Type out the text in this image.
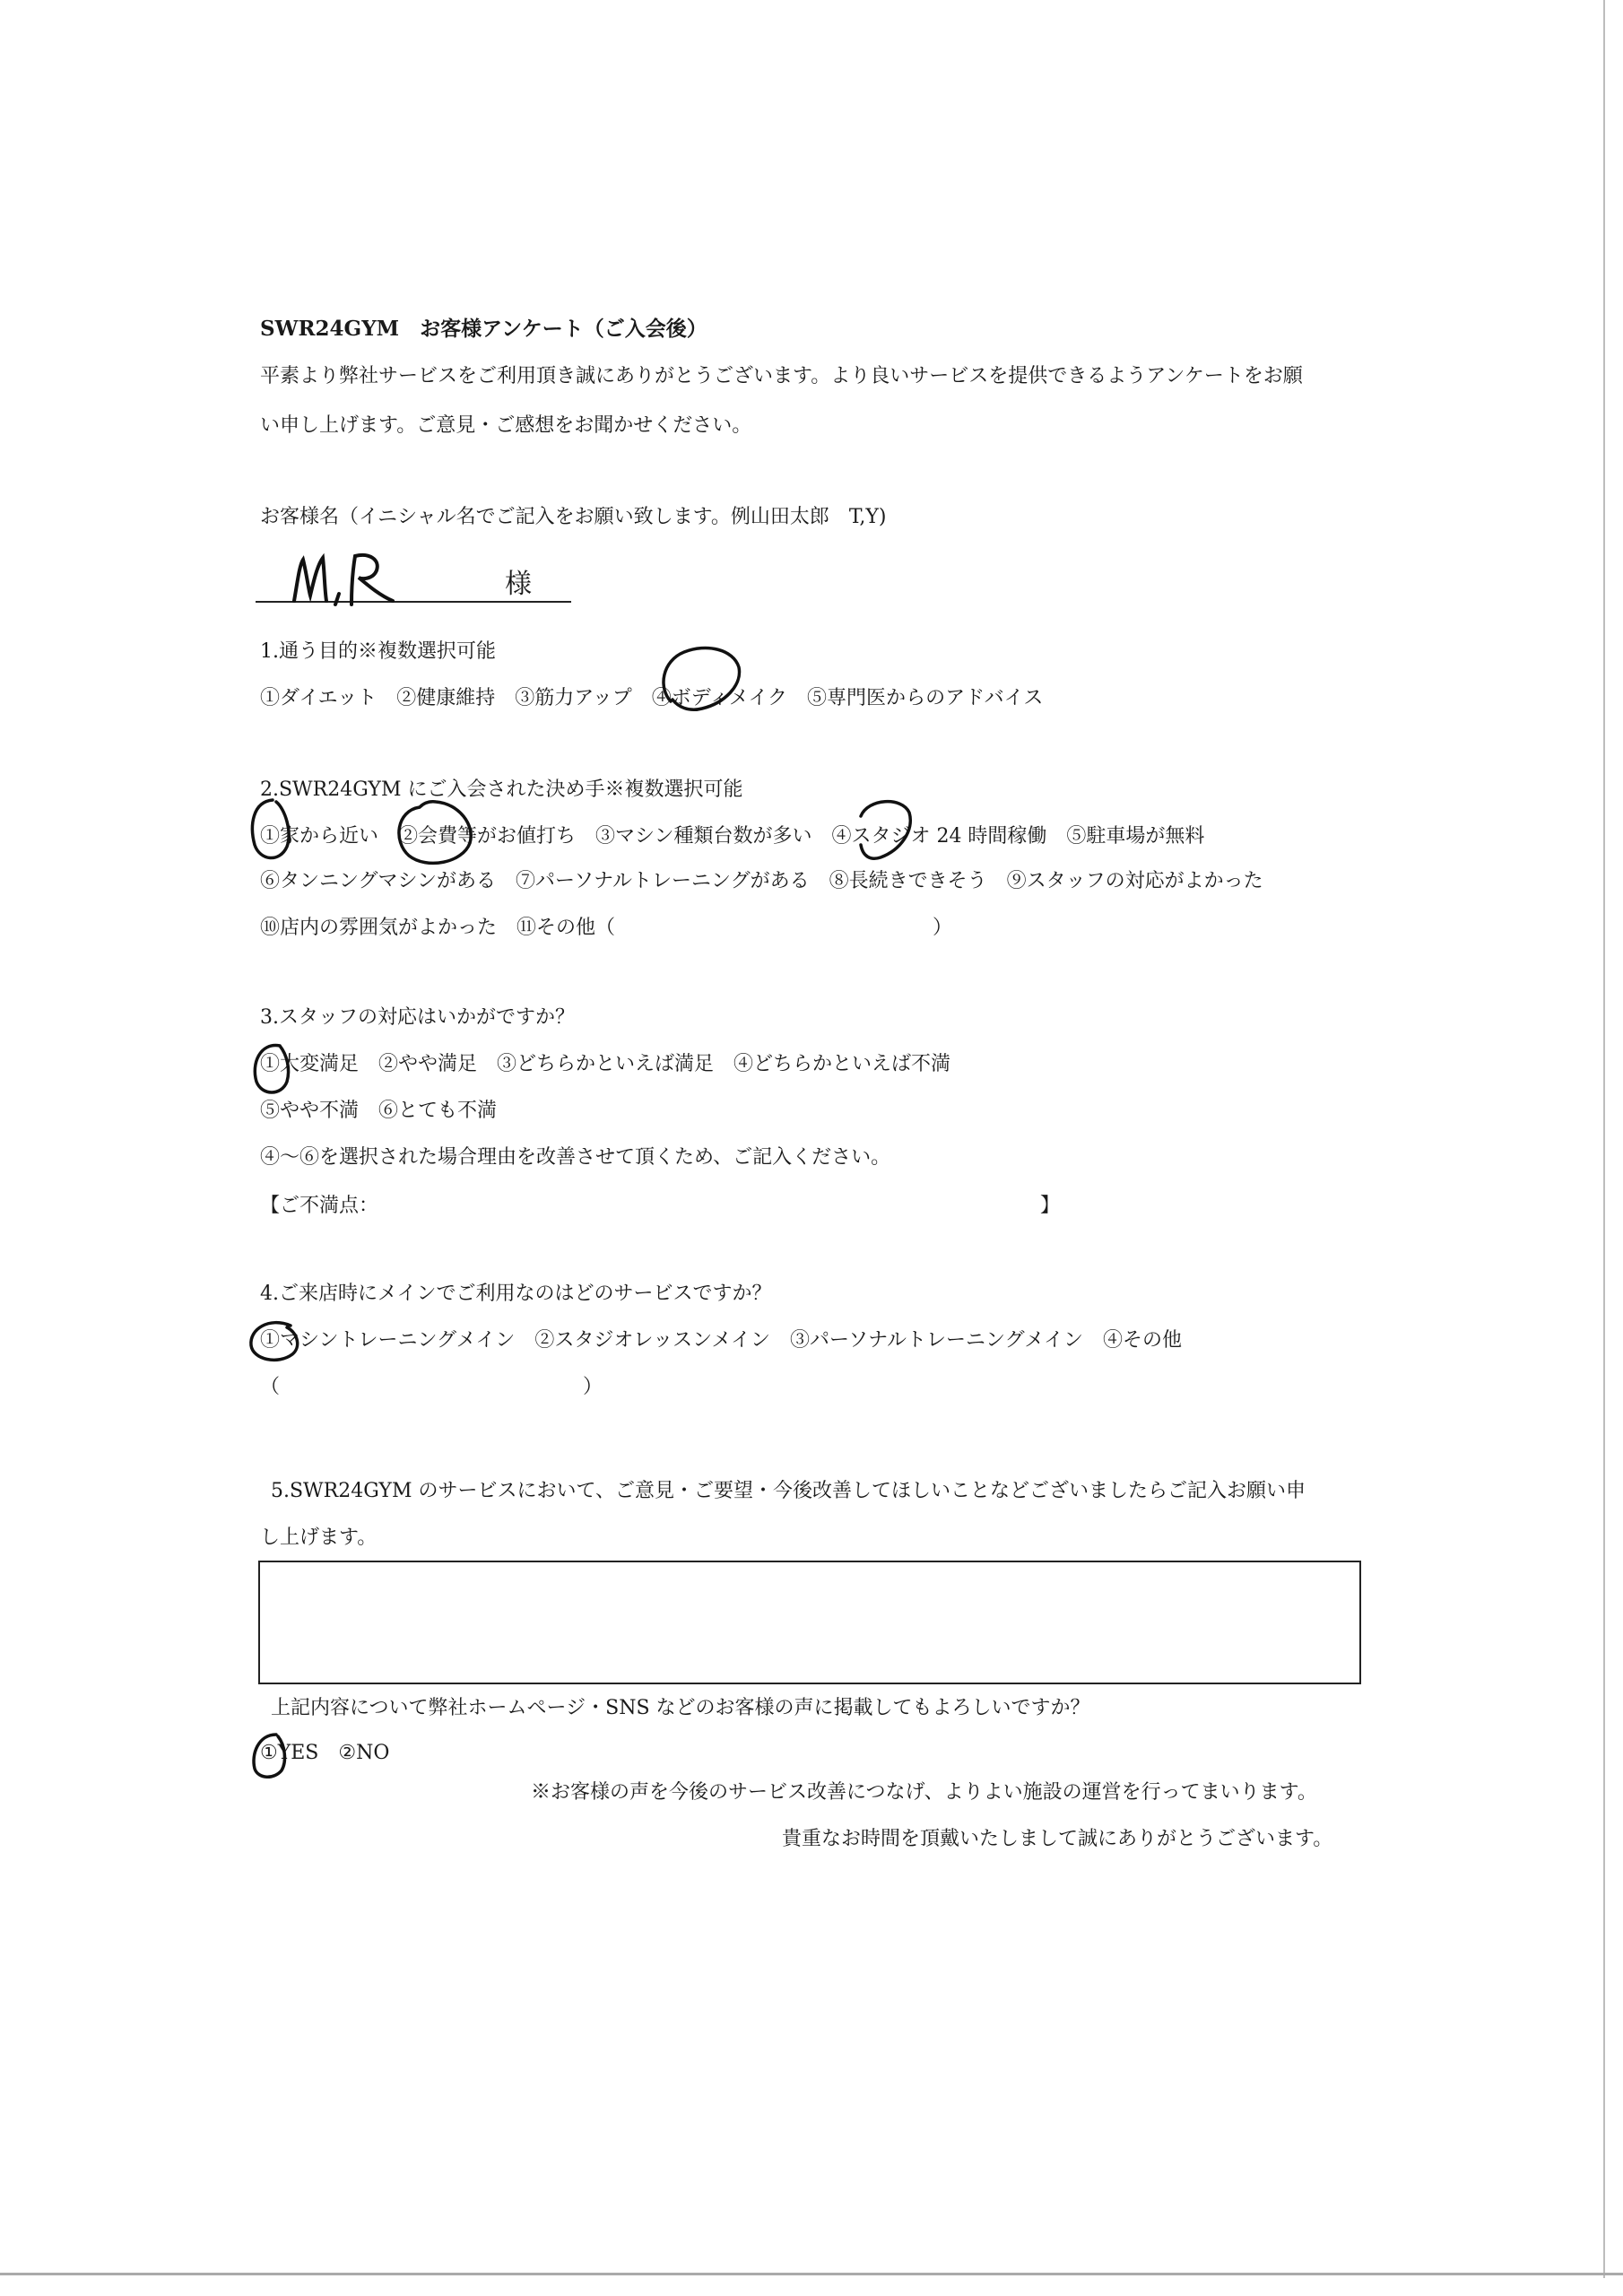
SWR24GYM　お客様アンケート（ご入会後）
平素より弊社サービスをご利用頂き誠にありがとうございます。より良いサービスを提供できるようアンケートをお願
い申し上げます。ご意見・ご感想をお聞かせください。
お客様名（イニシャル名でご記入をお願い致します。例山田太郎　T,Y)
様
1.通う目的※複数選択可能
①ダイエット　②健康維持　③筋力アップ　④ボディメイク　⑤専門医からのアドバイス
2.SWR24GYM にご入会された決め手※複数選択可能
①家から近い　②会費等がお値打ち　③マシン種類台数が多い　④スタジオ 24 時間稼働　⑤駐車場が無料
⑥タンニングマシンがある　⑦パーソナルトレーニングがある　⑧長続きできそう　⑨スタッフの対応がよかった
⑩店内の雰囲気がよかった　⑪その他（	）
3.スタッフの対応はいかがですか？
①大変満足　②やや満足　③どちらかといえば満足　④どちらかといえば不満
⑤やや不満　⑥とても不満
④〜⑥を選択された場合理由を改善させて頂くため、ご記入ください。
【ご不満点：	】
4.ご来店時にメインでご利用なのはどのサービスですか？
①マシントレーニングメイン　②スタジオレッスンメイン　③パーソナルトレーニングメイン　④その他
（	）
5.SWR24GYM のサービスにおいて、ご意見・ご要望・今後改善してほしいことなどございましたらご記入お願い申
し上げます。
上記内容について弊社ホームページ・SNS などのお客様の声に掲載してもよろしいですか？
①YES　②NO
※お客様の声を今後のサービス改善につなげ、よりよい施設の運営を行ってまいります。
貴重なお時間を頂戴いたしまして誠にありがとうございます。
